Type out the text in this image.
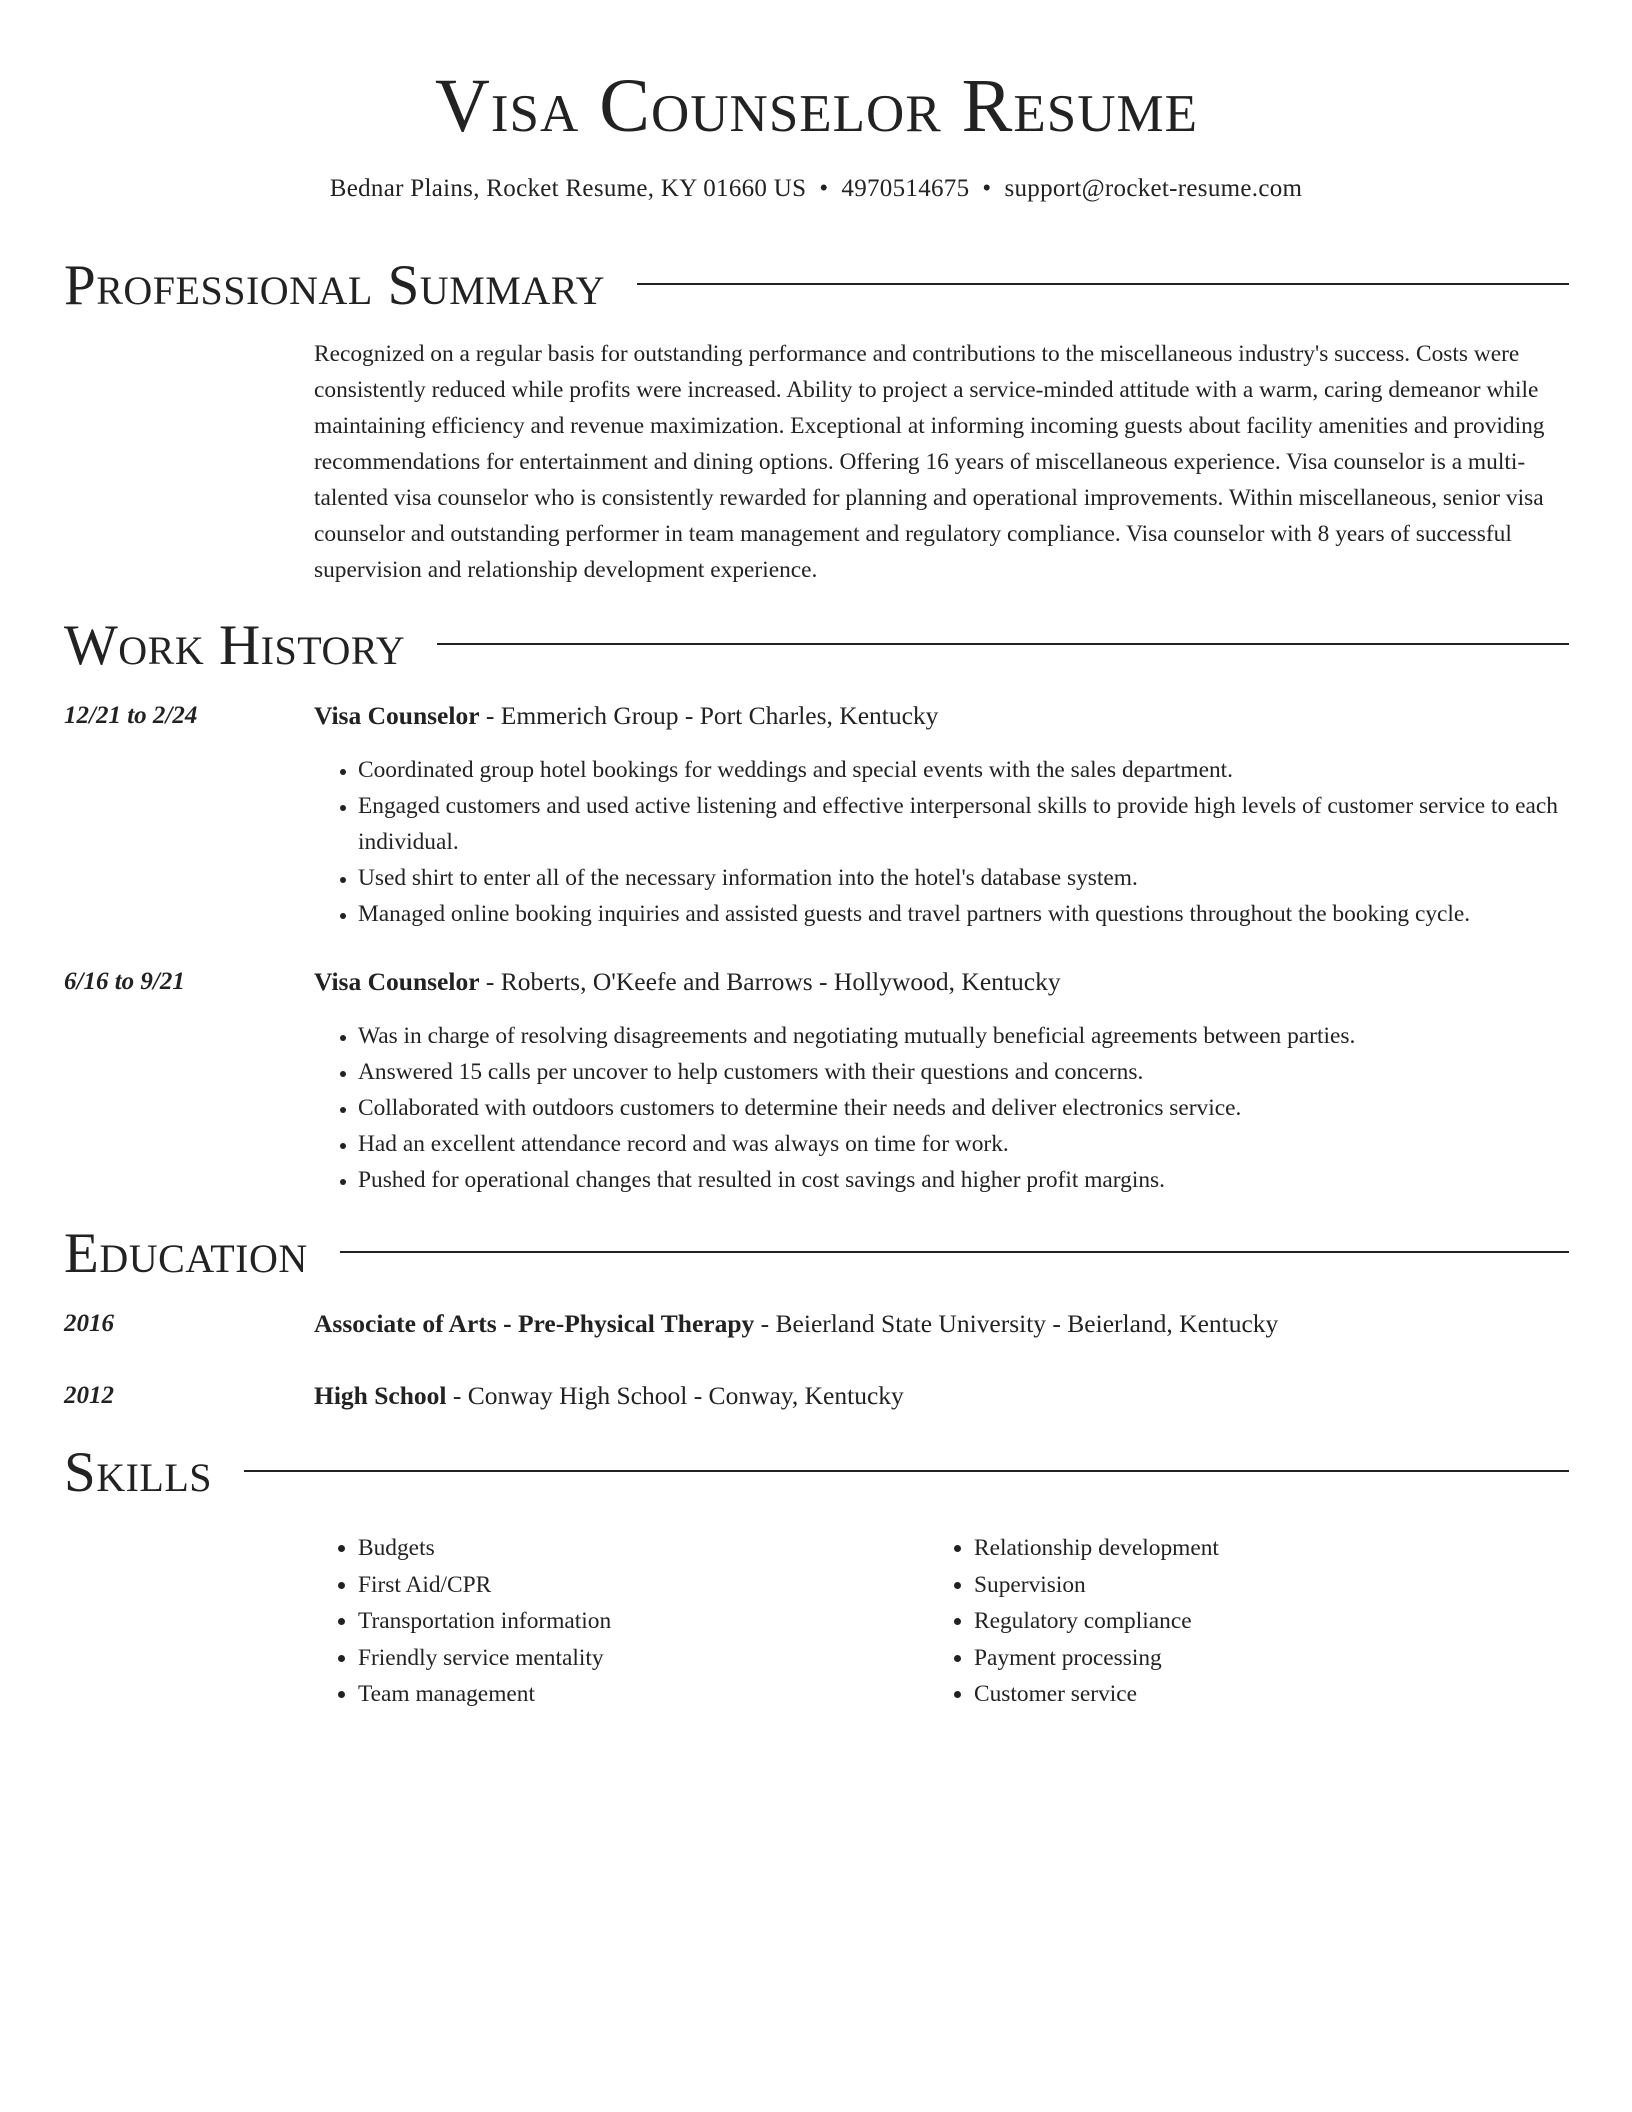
Visa Counselor Resume

Bednar Plains, Rocket Resume, KY 01660 US • 4970514675 • support@rocket-resume.com

Professional Summary

Recognized on a regular basis for outstanding performance and contributions to the miscellaneous industry's success. Costs were consistently reduced while profits were increased. Ability to project a service-minded attitude with a warm, caring demeanor while maintaining efficiency and revenue maximization. Exceptional at informing incoming guests about facility amenities and providing recommendations for entertainment and dining options. Offering 16 years of miscellaneous experience. Visa counselor is a multi-talented visa counselor who is consistently rewarded for planning and operational improvements. Within miscellaneous, senior visa counselor and outstanding performer in team management and regulatory compliance. Visa counselor with 8 years of successful supervision and relationship development experience.

Work History
12/21 to 2/24	Visa Counselor - Emmerich Group - Port Charles, Kentucky
• Coordinated group hotel bookings for weddings and special events with the sales department.
• Engaged customers and used active listening and effective interpersonal skills to provide high levels of customer service to each individual.
• Used shirt to enter all of the necessary information into the hotel's database system.
• Managed online booking inquiries and assisted guests and travel partners with questions throughout the booking cycle.
6/16 to 9/21	Visa Counselor - Roberts, O'Keefe and Barrows - Hollywood, Kentucky
• Was in charge of resolving disagreements and negotiating mutually beneficial agreements between parties.
• Answered 15 calls per uncover to help customers with their questions and concerns.
• Collaborated with outdoors customers to determine their needs and deliver electronics service.
• Had an excellent attendance record and was always on time for work.
• Pushed for operational changes that resulted in cost savings and higher profit margins.
Education
2016	Associate of Arts - Pre-Physical Therapy - Beierland State University - Beierland, Kentucky
2012	High School - Conway High School - Conway, Kentucky
Skills
• Budgets
• First Aid/CPR
• Transportation information
• Friendly service mentality
• Team management
• Relationship development
• Supervision
• Regulatory compliance
• Payment processing
• Customer service
